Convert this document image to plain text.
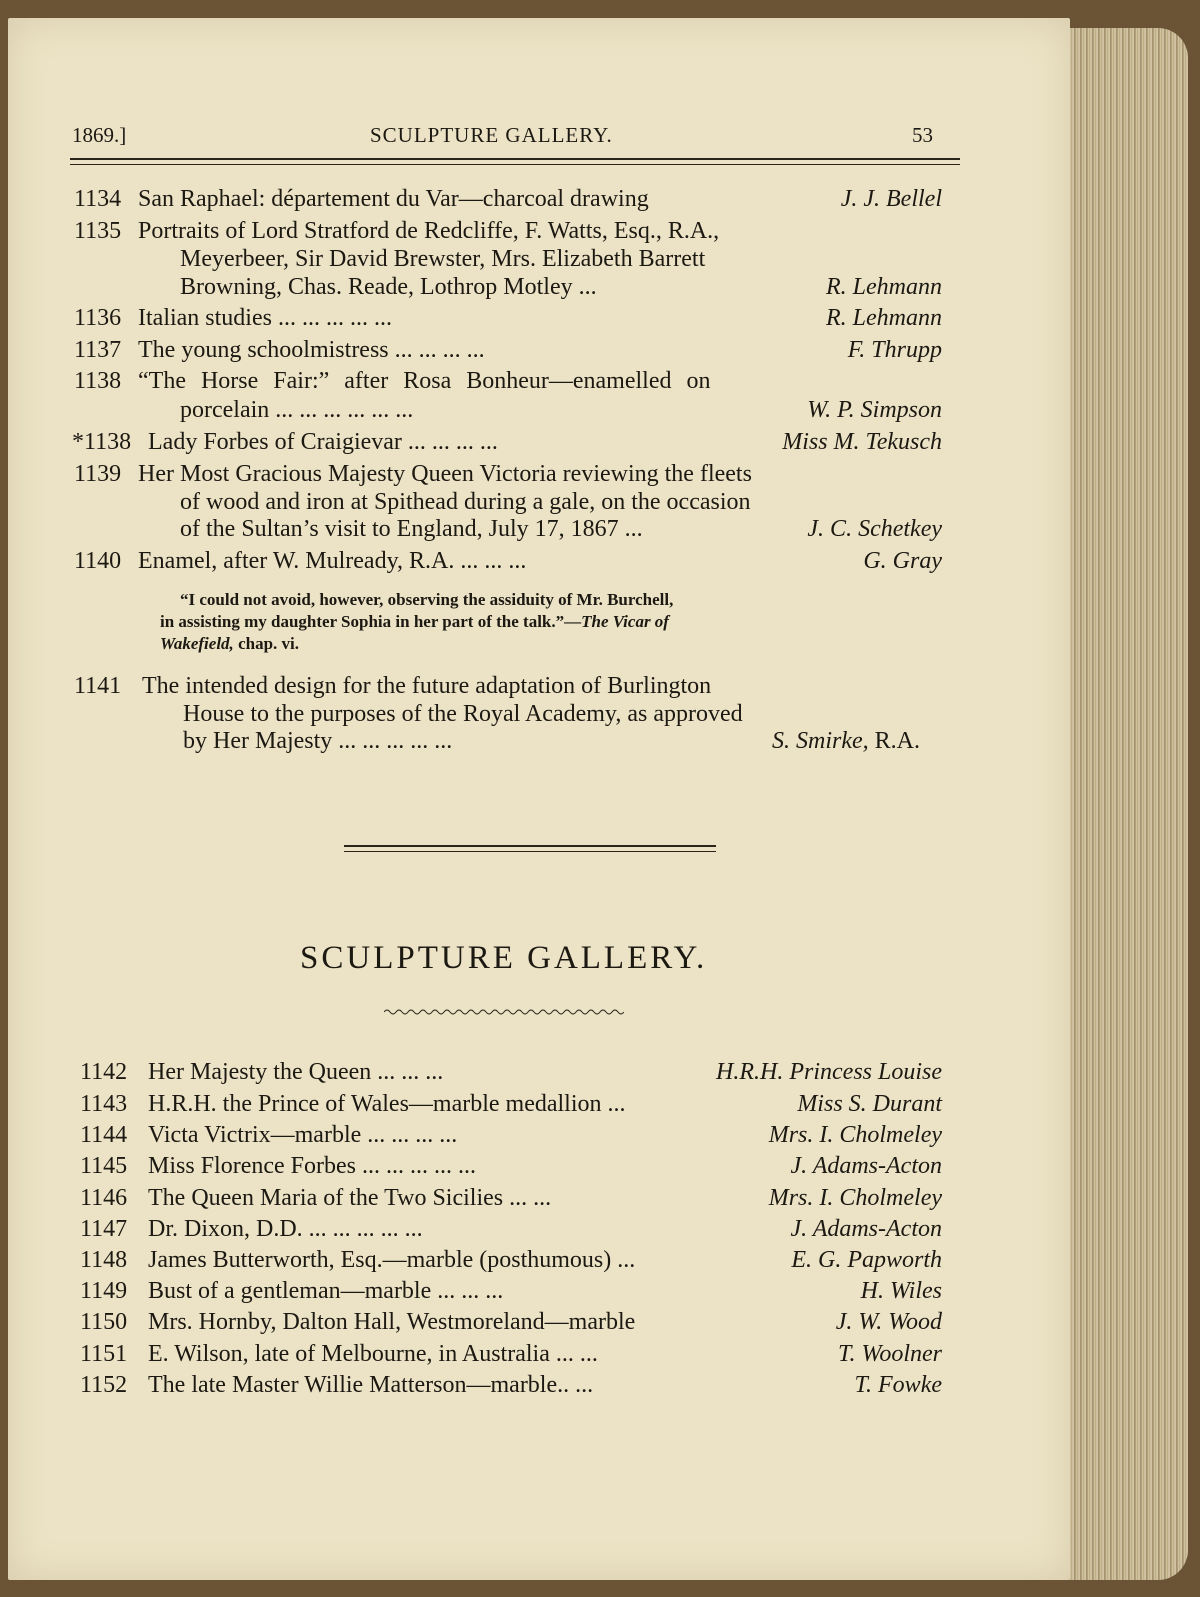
1869.]	SCULPTURE GALLERY.	53
1134 San Raphael: département du Var—charcoal drawing	J. J. Bellel
1135 Portraits of Lord Stratford de Redcliffe, F. Watts, Esq., R.A.,
Meyerbeer, Sir David Brewster, Mrs. Elizabeth Barrett
Browning, Chas. Reade, Lothrop Motley ...	R. Lehmann
1136 Italian studies ... ... ... ... ...	R. Lehmann
1137 The young schoolmistress ... ... ... ...	F. Thrupp
1138 “The Horse Fair:” after Rosa Bonheur—enamelled on
porcelain ... ... ... ... ... ...	W. P. Simpson
*1138 Lady Forbes of Craigievar ... ... ... ...	Miss M. Tekusch
1139 Her Most Gracious Majesty Queen Victoria reviewing the fleets
of wood and iron at Spithead during a gale, on the occasion
of the Sultan’s visit to England, July 17, 1867 ...	J. C. Schetkey
1140 Enamel, after W. Mulready, R.A. ... ... ...	G. Gray
“I could not avoid, however, observing the assiduity of Mr. Burchell,
in assisting my daughter Sophia in her part of the talk.”—The Vicar of
Wakefield, chap. vi.
1141 The intended design for the future adaptation of Burlington
House to the purposes of the Royal Academy, as approved
by Her Majesty ... ... ... ... ...	S. Smirke, R.A.
SCULPTURE GALLERY.
1142 Her Majesty the Queen ... ... ...	H.R.H. Princess Louise
1143 H.R.H. the Prince of Wales—marble medallion ...	Miss S. Durant
1144 Victa Victrix—marble ... ... ... ...	Mrs. I. Cholmeley
1145 Miss Florence Forbes ... ... ... ... ...	J. Adams-Acton
1146 The Queen Maria of the Two Sicilies ... ...	Mrs. I. Cholmeley
1147 Dr. Dixon, D.D. ... ... ... ... ...	J. Adams-Acton
1148 James Butterworth, Esq.—marble (posthumous) ...	E. G. Papworth
1149 Bust of a gentleman—marble ... ... ...	H. Wiles
1150 Mrs. Hornby, Dalton Hall, Westmoreland—marble	J. W. Wood
1151 E. Wilson, late of Melbourne, in Australia ... ...	T. Woolner
1152 The late Master Willie Matterson—marble.. ...	T. Fowke
